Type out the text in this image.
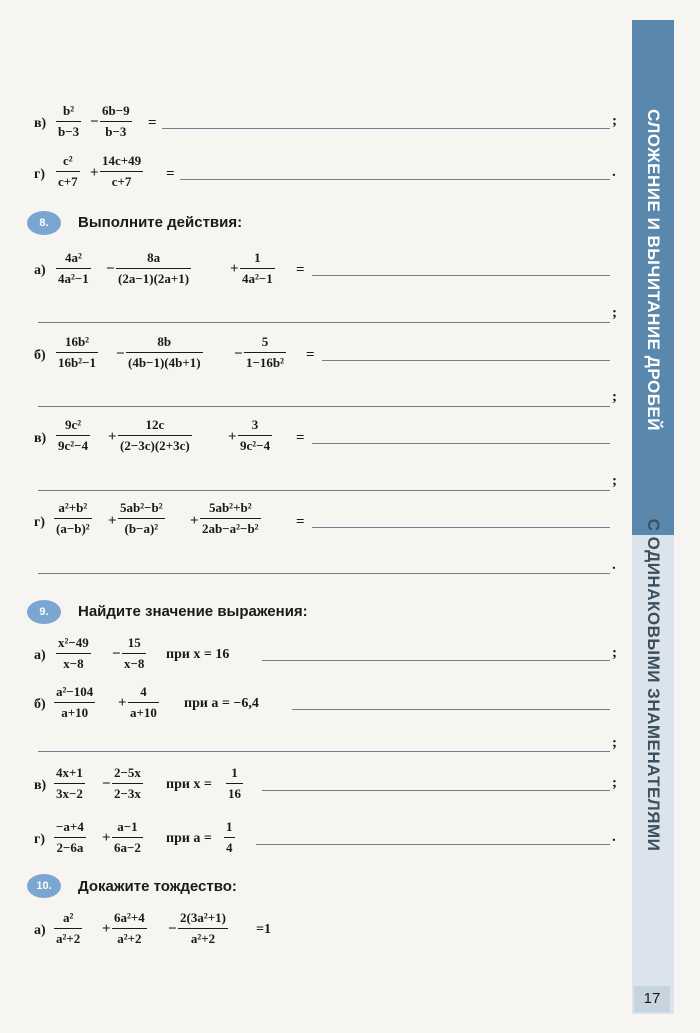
СЛОЖЕНИЕ И ВЫЧИТАНИЕ ДРОБЕЙ
С ОДИНАКОВЫМИ ЗНАМЕНАТЕЛЯМИ
17
$в) \frac{\text{b²}}{b-3} - \frac{6b-9}{b-3}$ =	;
$г) \frac{\text{c²}}{c+7} + \frac{14c+49}{c+7}$ =	.
8.	Выполните действия:
$а) \frac{\text{4a²}}{\text{4a²−1}} - \frac{8a}{(2a-1)(2a+1)}$	+ $\frac{1}{\text{4a²−1}}$ =
;
$б) \frac{\text{16b²}}{\text{16b²−1}} - \frac{8b}{(4b-1)(4b+1)} - \frac{5}{\text{1−16b²}}$ =
;
$в) \frac{\text{9c²}}{\text{9c²−4}} + \frac{12c}{(2-3c)(2+3c)} + \frac{3}{\text{9c²−4}}$ =
;
$г) \frac{\text{a²+b²}}{\text{(a−b)²}} + \frac{\text{5ab²−b²}}{\text{(b−a)²}} + \frac{\text{5ab²+b²}}{\text{2ab−a²−b²}}$ =
.
9.	Найдите значение выражения:
$а) \frac{\text{x²−49}}{x-8} - \frac{15}{x-8}$ при x = 16	;
$б) \frac{\text{a²−104}}{a+10} + \frac{4}{a+10}$ при a = −6,4
;
$в) \frac{4x+1}{3x-2} - \frac{2-5x}{2-3x}$ при $x = \frac{1}{16}$	;
$г) \frac{-a+4}{2-6a} + \frac{a-1}{6a-2}$ при $a = \frac{1}{4}$	.
10.	Докажите тождество:
$а) \frac{\text{a²}}{\text{a²+2}} + \frac{\text{6a²+4}}{\text{a²+2}} - \frac{\text{2(3a²+1)}}{\text{a²+2}} =1$
